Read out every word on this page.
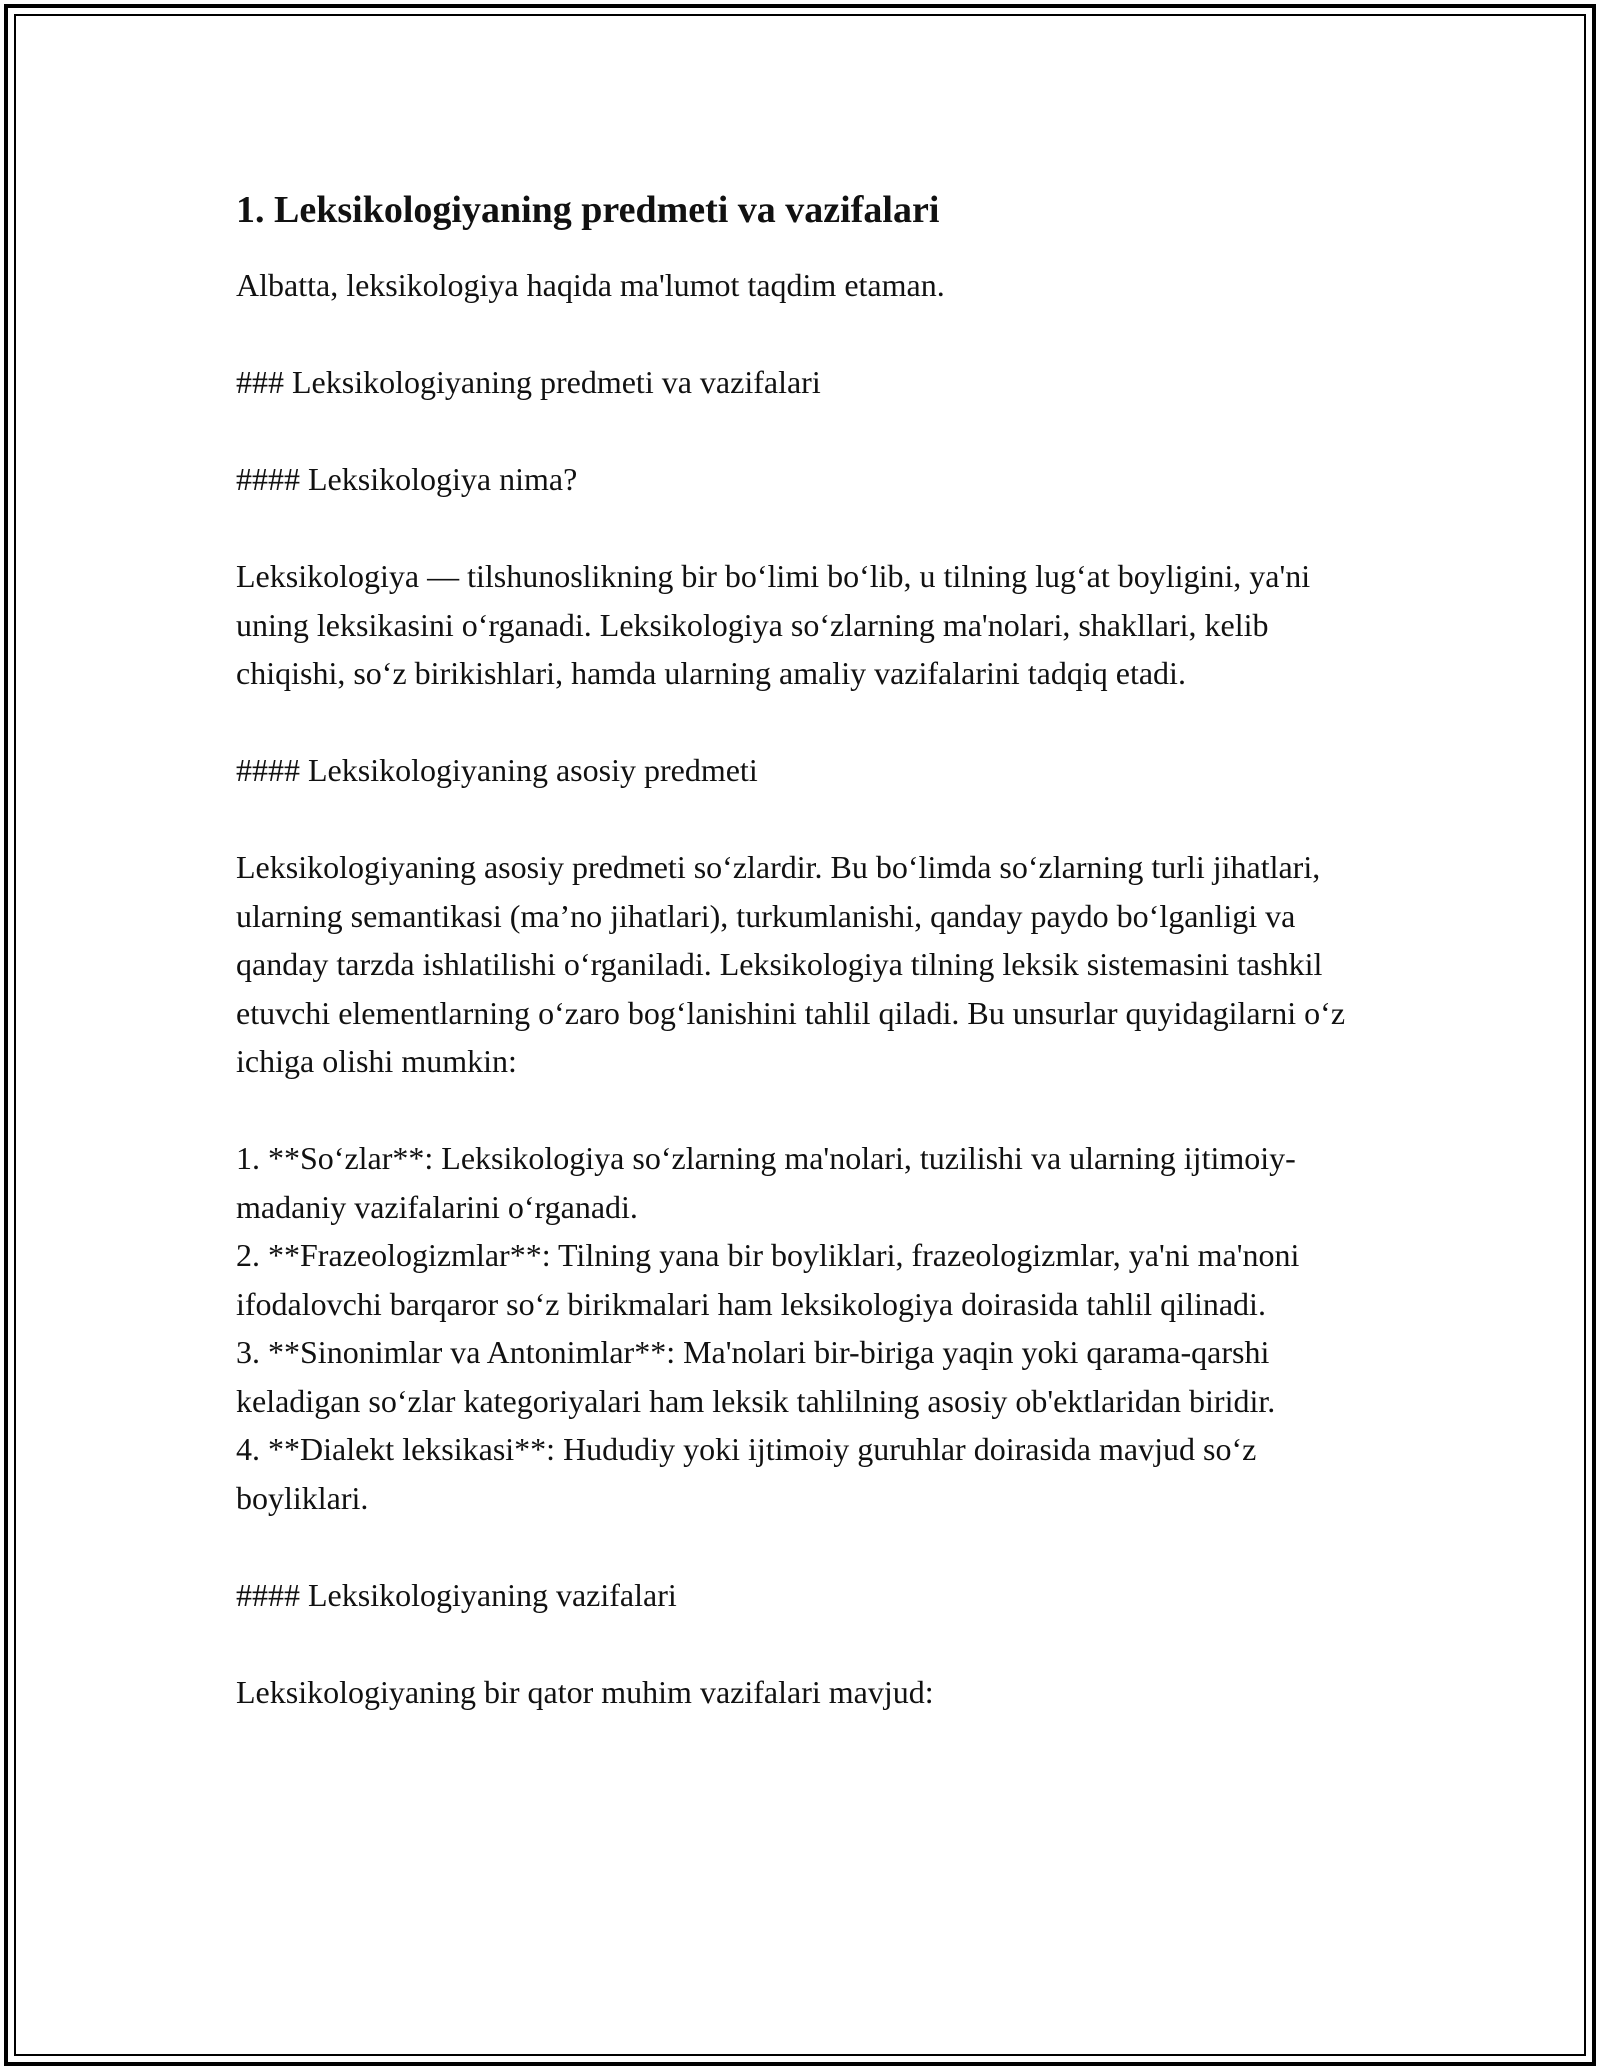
1. Leksikologiyaning predmeti va vazifalari

Albatta, leksikologiya haqida ma'lumot taqdim etaman.

### Leksikologiyaning predmeti va vazifalari

#### Leksikologiya nima?

Leksikologiya — tilshunoslikning bir bo‘limi bo‘lib, u tilning lug‘at boyligini, ya'ni uning leksikasini o‘rganadi. Leksikologiya so‘zlarning ma'nolari, shakllari, kelib chiqishi, so‘z birikishlari, hamda ularning amaliy vazifalarini tadqiq etadi.

#### Leksikologiyaning asosiy predmeti

Leksikologiyaning asosiy predmeti so‘zlardir. Bu bo‘limda so‘zlarning turli jihatlari, ularning semantikasi (ma’no jihatlari), turkumlanishi, qanday paydo bo‘lganligi va qanday tarzda ishlatilishi o‘rganiladi. Leksikologiya tilning leksik sistemasini tashkil etuvchi elementlarning o‘zaro bog‘lanishini tahlil qiladi. Bu unsurlar quyidagilarni o‘z ichiga olishi mumkin:

1. **So‘zlar**: Leksikologiya so‘zlarning ma'nolari, tuzilishi va ularning ijtimoiy-madaniy vazifalarini o‘rganadi.
2. **Frazeologizmlar**: Tilning yana bir boyliklari, frazeologizmlar, ya'ni ma'noni ifodalovchi barqaror so‘z birikmalari ham leksikologiya doirasida tahlil qilinadi.
3. **Sinonimlar va Antonimlar**: Ma'nolari bir-biriga yaqin yoki qarama-qarshi keladigan so‘zlar kategoriyalari ham leksik tahlilning asosiy ob'ektlaridan biridir.
4. **Dialekt leksikasi**: Hududiy yoki ijtimoiy guruhlar doirasida mavjud so‘z boyliklari.

#### Leksikologiyaning vazifalari

Leksikologiyaning bir qator muhim vazifalari mavjud:
